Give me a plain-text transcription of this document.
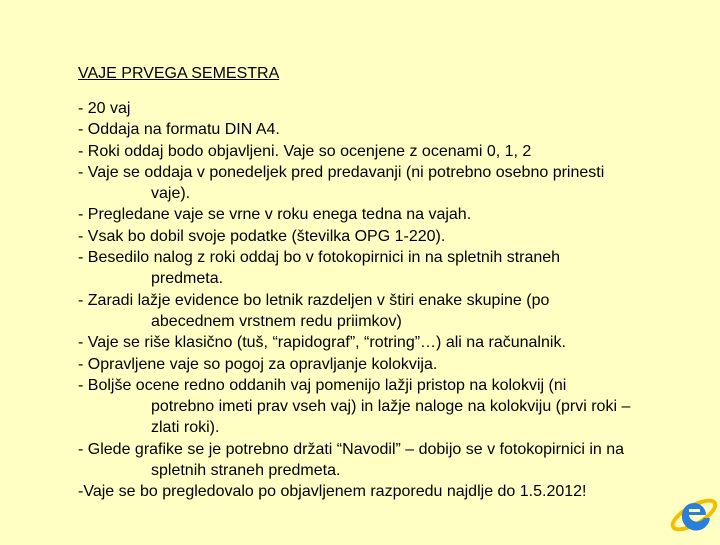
VAJE PRVEGA SEMESTRA
- 20 vaj
- Oddaja na formatu DIN A4.
- Roki oddaj bodo objavljeni. Vaje so ocenjene z ocenami 0, 1, 2
- Vaje se oddaja v ponedeljek pred predavanji (ni potrebno osebno prinesti
vaje).
- Pregledane vaje se vrne v roku enega tedna na vajah.
- Vsak bo dobil svoje podatke (številka OPG 1-220).
- Besedilo nalog z roki oddaj bo v fotokopirnici in na spletnih straneh
predmeta.
- Zaradi lažje evidence bo letnik razdeljen v štiri enake skupine (po
abecednem vrstnem redu priimkov)
- Vaje se riše klasično (tuš, “rapidograf”, “rotring”…) ali na računalnik.
- Opravljene vaje so pogoj za opravljanje kolokvija.
- Boljše ocene redno oddanih vaj pomenijo lažji pristop na kolokvij (ni
potrebno imeti prav vseh vaj) in lažje naloge na kolokviju (prvi roki –
zlati roki).
- Glede grafike se je potrebno držati “Navodil” – dobijo se v fotokopirnici in na
spletnih straneh predmeta.
-Vaje se bo pregledovalo po objavljenem razporedu najdlje do 1.5.2012!
